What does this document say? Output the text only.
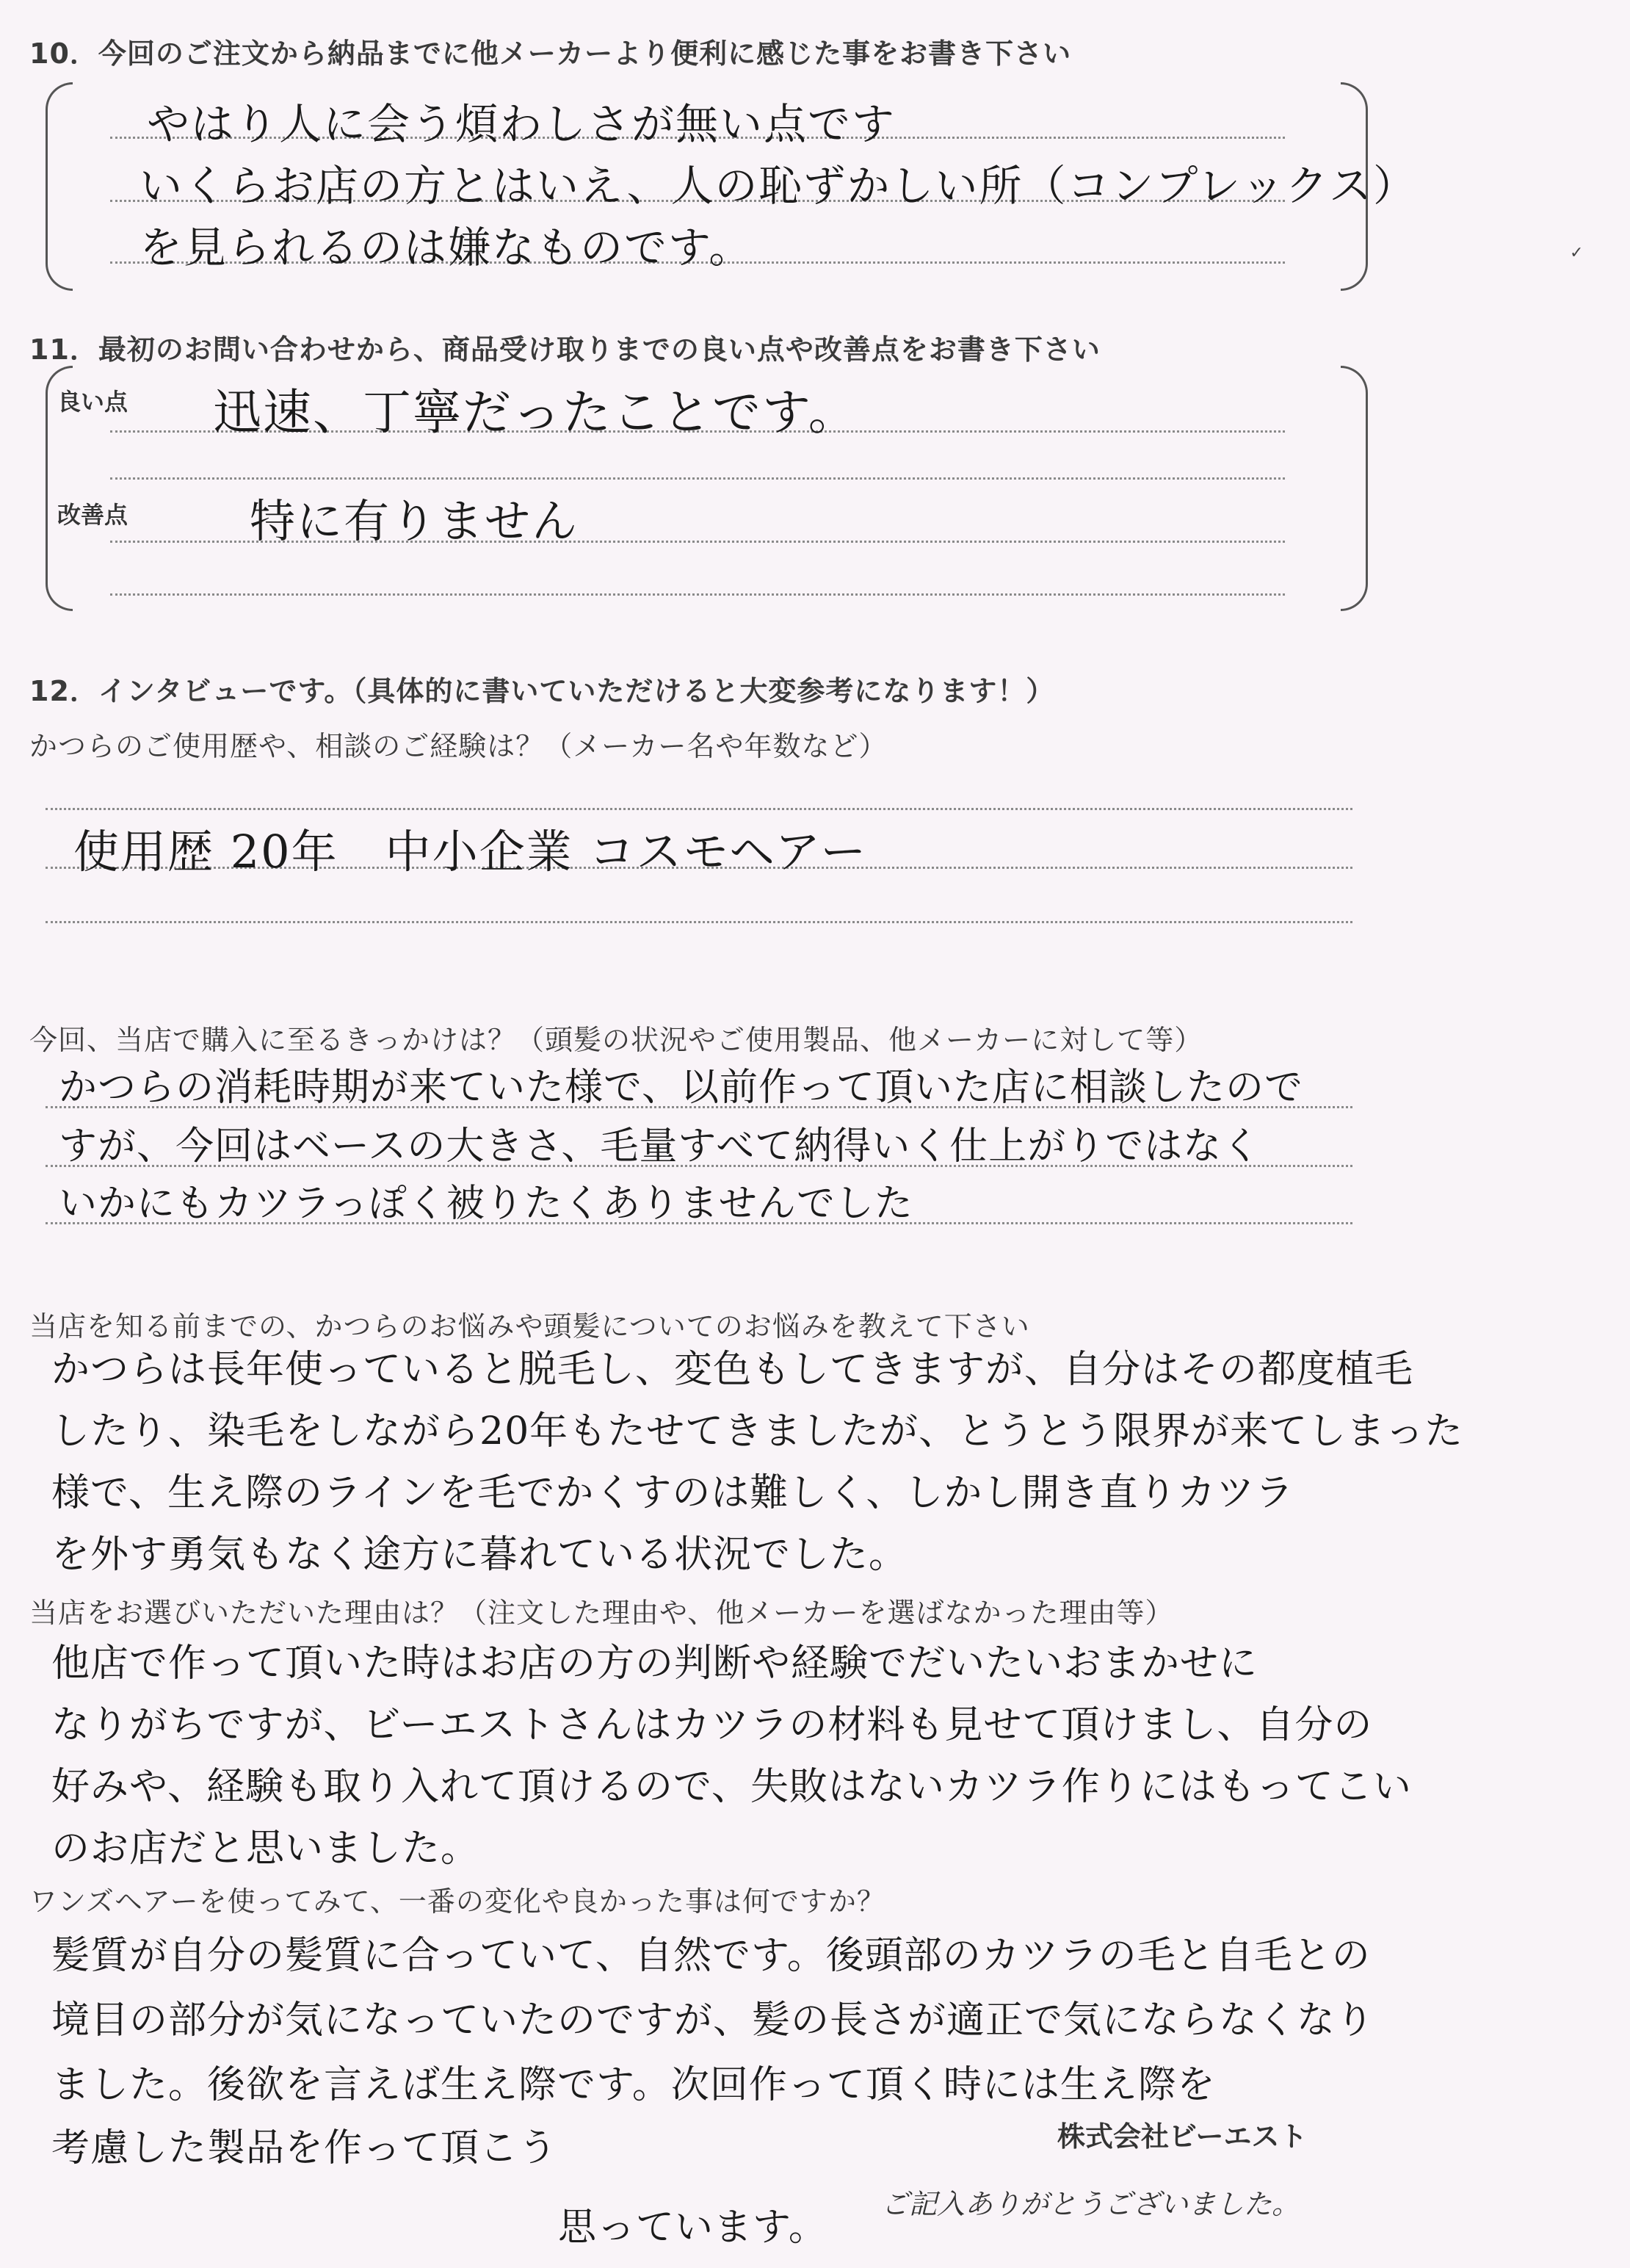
10．今回のご注文から納品までに他メーカーより便利に感じた事をお書き下さい
やはり人に会う煩わしさが無い点です
いくらお店の方とはいえ、人の恥ずかしい所（コンプレックス）
を見られるのは嫌なものです。	✓
11．最初のお問い合わせから、商品受け取りまでの良い点や改善点をお書き下さい
良い点
改善点
迅速、丁寧だったことです。
特に有りません
12．インタビューです。（具体的に書いていただけると大変参考になります！）
かつらのご使用歴や、相談のご経験は？（メーカー名や年数など）
使用歴 20年　中小企業 コスモヘアー
今回、当店で購入に至るきっかけは？（頭髪の状況やご使用製品、他メーカーに対して等）
かつらの消耗時期が来ていた様で、以前作って頂いた店に相談したので
すが、今回はベースの大きさ、毛量すべて納得いく仕上がりではなく
いかにもカツラっぽく被りたくありませんでした
当店を知る前までの、かつらのお悩みや頭髪についてのお悩みを教えて下さい
かつらは長年使っていると脱毛し、変色もしてきますが、自分はその都度植毛
したり、染毛をしながら20年もたせてきましたが、とうとう限界が来てしまった
様で、生え際のラインを毛でかくすのは難しく、しかし開き直りカツラ
を外す勇気もなく途方に暮れている状況でした。
当店をお選びいただいた理由は？（注文した理由や、他メーカーを選ばなかった理由等）
他店で作って頂いた時はお店の方の判断や経験でだいたいおまかせに
なりがちですが、ビーエストさんはカツラの材料も見せて頂けまし、自分の
好みや、経験も取り入れて頂けるので、失敗はないカツラ作りにはもってこい
のお店だと思いました。
ワンズヘアーを使ってみて、一番の変化や良かった事は何ですか？
髪質が自分の髪質に合っていて、自然です。後頭部のカツラの毛と自毛との
境目の部分が気になっていたのですが、髪の長さが適正で気にならなくなり
ました。後欲を言えば生え際です。次回作って頂く時には生え際を
考慮した製品を作って頂こう
思っています。
株式会社ビーエスト
ご記入ありがとうございました。
